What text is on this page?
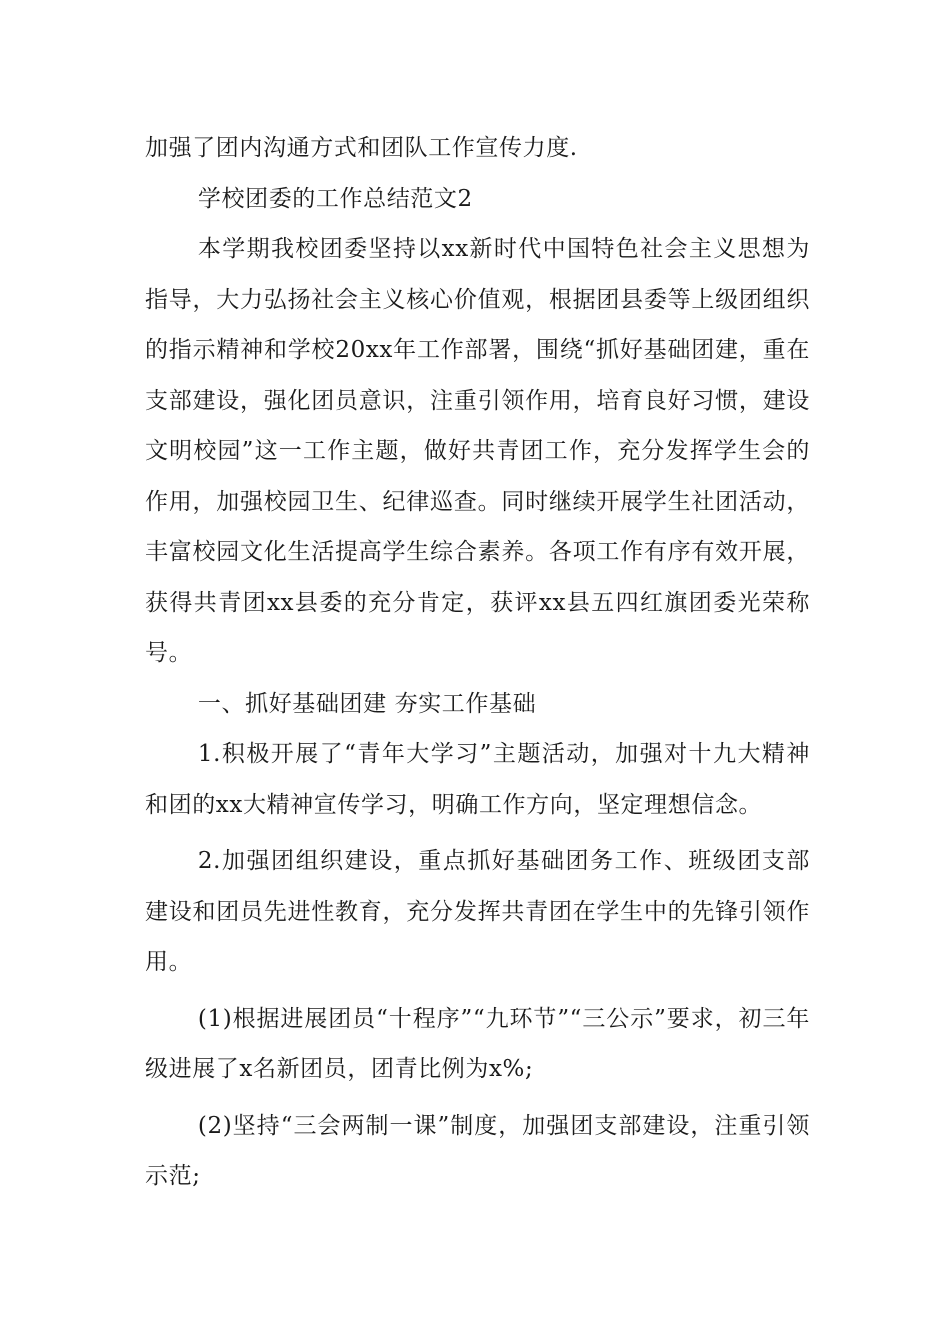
加强了团内沟通方式和团队工作宣传力度.

学校团委的工作总结范文2

本学期我校团委坚持以xx新时代中国特色社会主义思想为指导，大力弘扬社会主义核心价值观，根据团县委等上级团组织的指示精神和学校20xx年工作部署，围绕“抓好基础团建，重在支部建设，强化团员意识，注重引领作用，培育良好习惯，建设文明校园”这一工作主题，做好共青团工作，充分发挥学生会的作用，加强校园卫生、纪律巡查。同时继续开展学生社团活动，丰富校园文化生活提高学生综合素养。各项工作有序有效开展，获得共青团xx县委的充分肯定，获评xx县五四红旗团委光荣称号。

一、抓好基础团建 夯实工作基础

1.积极开展了“青年大学习”主题活动，加强对十九大精神和团的xx大精神宣传学习，明确工作方向，坚定理想信念。

2.加强团组织建设，重点抓好基础团务工作、班级团支部建设和团员先进性教育，充分发挥共青团在学生中的先锋引领作用。

(1)根据进展团员“十程序”“九环节”“三公示”要求，初三年级进展了x名新团员，团青比例为x%;

(2)坚持“三会两制一课”制度，加强团支部建设，注重引领示范;
